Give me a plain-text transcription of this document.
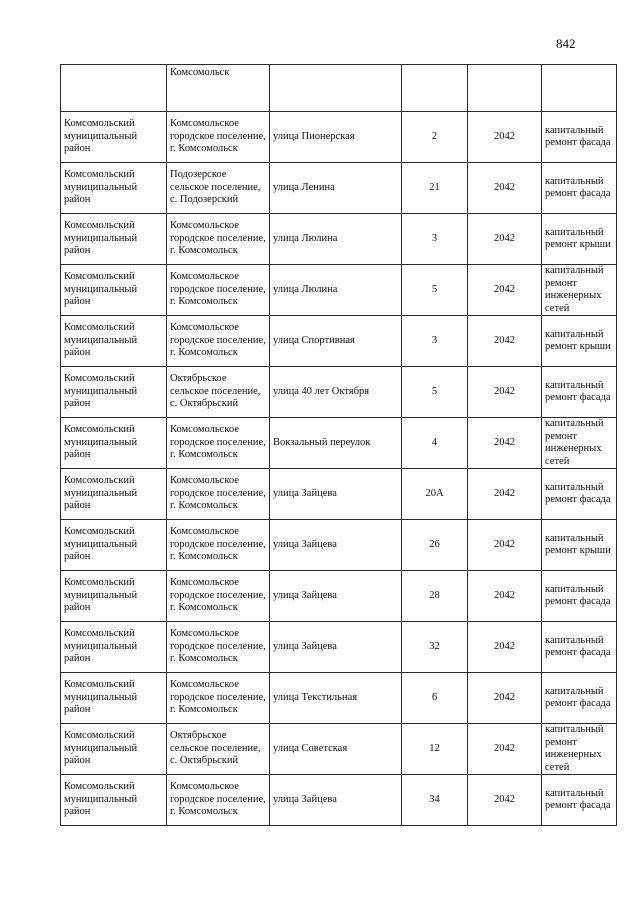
842
	Комсомольск				
Комсомольский муниципальный район	Комсомольское городское поселение, г. Комсомольск	улица Пионерская	2	2042	капитальный ремонт фасада
Комсомольский муниципальный район	Подозерское сельское поселение, с. Подозерский	улица Ленина	21	2042	капитальный ремонт фасада
Комсомольский муниципальный район	Комсомольское городское поселение, г. Комсомольск	улица Люлина	3	2042	капитальный ремонт крыши
Комсомольский муниципальный район	Комсомольское городское поселение, г. Комсомольск	улица Люлина	5	2042	капитальный ремонт инженерных сетей
Комсомольский муниципальный район	Комсомольское городское поселение, г. Комсомольск	улица Спортивная	3	2042	капитальный ремонт крыши
Комсомольский муниципальный район	Октябрьское сельское поселение, с. Октябрьский	улица 40 лет Октября	5	2042	капитальный ремонт фасада
Комсомольский муниципальный район	Комсомольское городское поселение, г. Комсомольск	Вокзальный переулок	4	2042	капитальный ремонт инженерных сетей
Комсомольский муниципальный район	Комсомольское городское поселение, г. Комсомольск	улица Зайцева	20А	2042	капитальный ремонт фасада
Комсомольский муниципальный район	Комсомольское городское поселение, г. Комсомольск	улица Зайцева	26	2042	капитальный ремонт крыши
Комсомольский муниципальный район	Комсомольское городское поселение, г. Комсомольск	улица Зайцева	28	2042	капитальный ремонт фасада
Комсомольский муниципальный район	Комсомольское городское поселение, г. Комсомольск	улица Зайцева	32	2042	капитальный ремонт фасада
Комсомольский муниципальный район	Комсомольское городское поселение, г. Комсомольск	улица Текстильная	6	2042	капитальный ремонт фасада
Комсомольский муниципальный район	Октябрьское сельское поселение, с. Октябрьский	улица Советская	12	2042	капитальный ремонт инженерных сетей
Комсомольский муниципальный район	Комсомольское городское поселение, г. Комсомольск	улица Зайцева	34	2042	капитальный ремонт фасада
